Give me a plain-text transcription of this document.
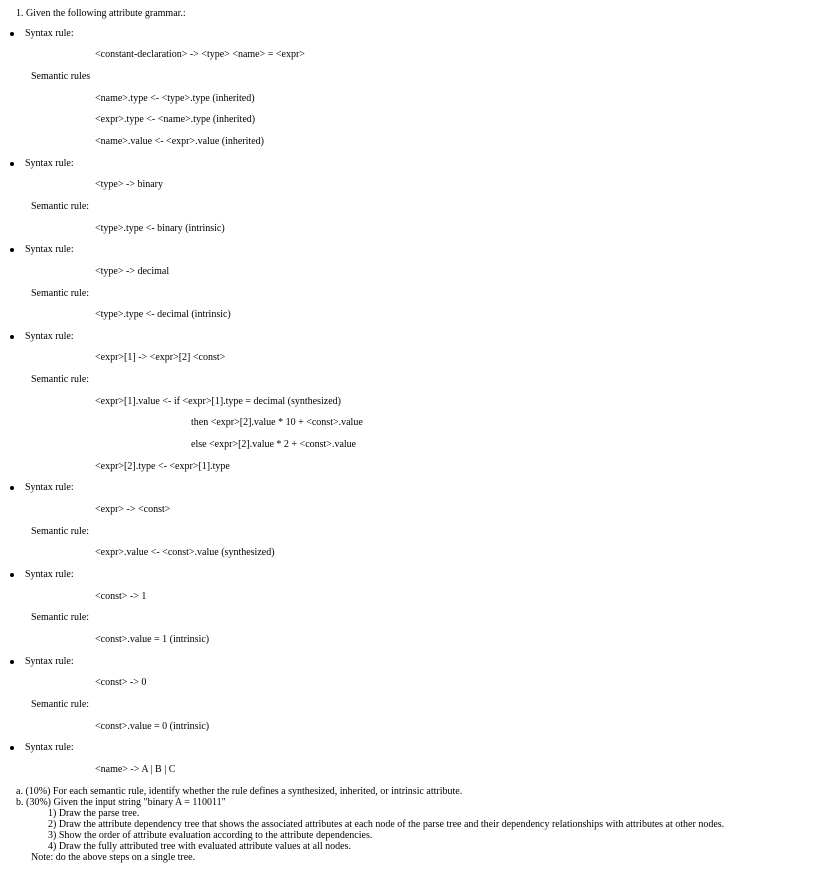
1. Given the following attribute grammar.:
Syntax rule:
<constant-declaration> -> <type> <name> = <expr>
Semantic rules
<name>.type <- <type>.type (inherited)
<expr>.type <- <name>.type (inherited)
<name>.value <- <expr>.value (inherited)
Syntax rule:
<type> -> binary
Semantic rule:
<type>.type <- binary (intrinsic)
Syntax rule:
<type> -> decimal
Semantic rule:
<type>.type <- decimal (intrinsic)
Syntax rule:
<expr>[1] -> <expr>[2] <const>
Semantic rule:
<expr>[1].value <- if <expr>[1].type = decimal (synthesized)
then <expr>[2].value * 10 + <const>.value
else <expr>[2].value * 2 + <const>.value
<expr>[2].type <- <expr>[1].type
Syntax rule:
<expr> -> <const>
Semantic rule:
<expr>.value <- <const>.value (synthesized)
Syntax rule:
<const> -> 1
Semantic rule:
<const>.value = 1 (intrinsic)
Syntax rule:
<const> -> 0
Semantic rule:
<const>.value = 0 (intrinsic)
Syntax rule:
<name> -> A | B | C
a. (10%) For each semantic rule, identify whether the rule defines a synthesized, inherited, or intrinsic attribute.
b. (30%) Given the input string "binary A = 110011"
1) Draw the parse tree.
2) Draw the attribute dependency tree that shows the associated attributes at each node of the parse tree and their dependency relationships with attributes at other nodes.
3) Show the order of attribute evaluation according to the attribute dependencies.
4) Draw the fully attributed tree with evaluated attribute values at all nodes.
Note: do the above steps on a single tree.
